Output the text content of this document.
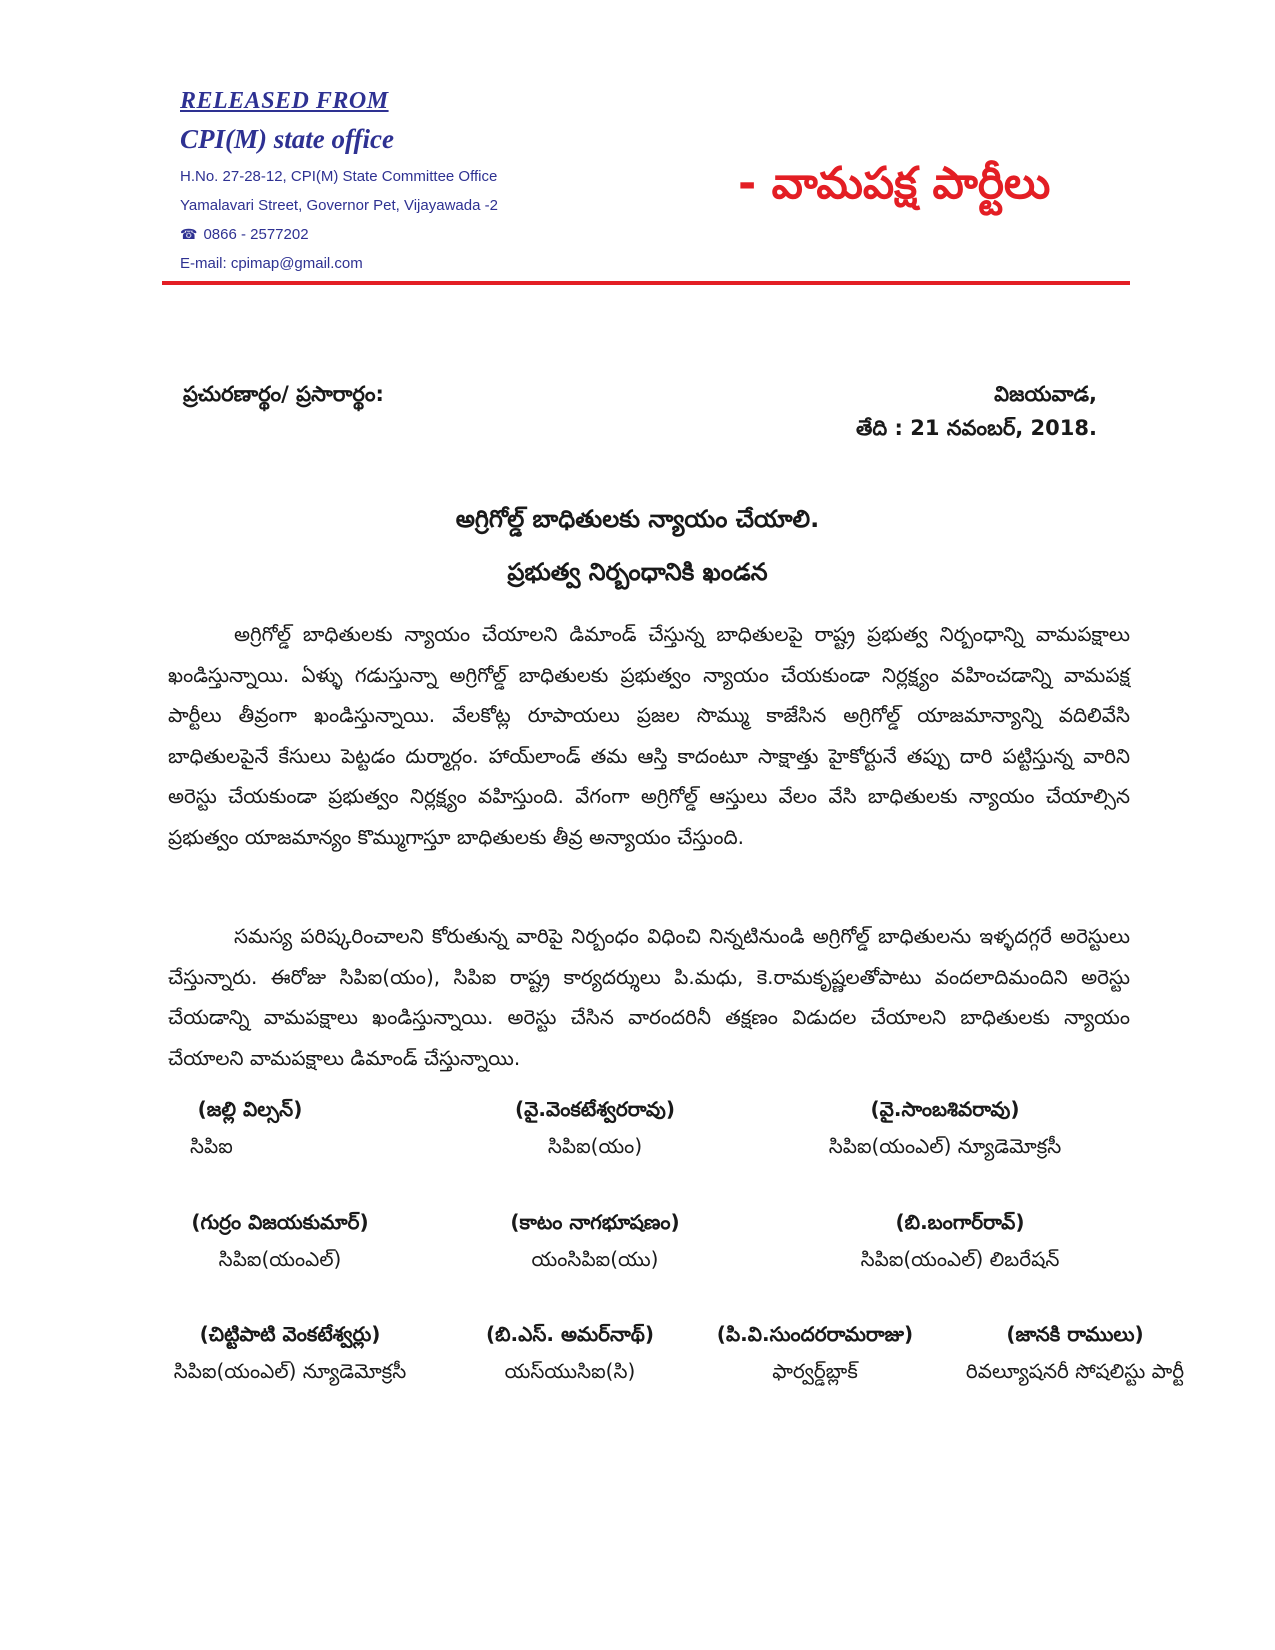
RELEASED FROM
CPI(M) state office
H.No. 27-28-12, CPI(M) State Committee Office
Yamalavari Street, Governor Pet, Vijayawada -2
☎ 0866 - 2577202
E-mail: cpimap@gmail.com
- వామపక్ష పార్టీలు
ప్రచురణార్థం/ ప్రసారార్థం:	విజయవాడ,
తేది : 21 నవంబర్, 2018.
అగ్రిగోల్డ్ బాధితులకు న్యాయం చేయాలి.
ప్రభుత్వ నిర్బంధానికి ఖండన
అగ్రిగోల్డ్ బాధితులకు న్యాయం చేయాలని డిమాండ్ చేస్తున్న బాధితులపై రాష్ట్ర ప్రభుత్వ నిర్బంధాన్ని వామపక్షాలు ఖండిస్తున్నాయి. ఏళ్ళు గడుస్తున్నా అగ్రిగోల్డ్ బాధితులకు ప్రభుత్వం న్యాయం చేయకుండా నిర్లక్ష్యం వహించడాన్ని వామపక్ష పార్టీలు తీవ్రంగా ఖండిస్తున్నాయి. వేలకోట్ల రూపాయలు ప్రజల సొమ్ము కాజేసిన అగ్రిగోల్డ్ యాజమాన్యాన్ని వదిలివేసి బాధితులపైనే కేసులు పెట్టడం దుర్మార్గం. హాయ్‌లాండ్ తమ ఆస్తి కాదంటూ సాక్షాత్తు హైకోర్టునే తప్పు దారి పట్టిస్తున్న వారిని అరెస్టు చేయకుండా ప్రభుత్వం నిర్లక్ష్యం వహిస్తుంది. వేగంగా అగ్రిగోల్డ్ ఆస్తులు వేలం వేసి బాధితులకు న్యాయం చేయాల్సిన ప్రభుత్వం యాజమాన్యం కొమ్ముగాస్తూ బాధితులకు తీవ్ర అన్యాయం చేస్తుంది.
సమస్య పరిష్కరించాలని కోరుతున్న వారిపై నిర్బంధం విధించి నిన్నటినుండి అగ్రిగోల్డ్ బాధితులను ఇళ్ళదగ్గరే అరెస్టులు చేస్తున్నారు. ఈరోజు సిపిఐ(యం), సిపిఐ రాష్ట్ర కార్యదర్శులు పి.మధు, కె.రామకృష్ణలతోపాటు వందలాదిమందిని అరెస్టు చేయడాన్ని వామపక్షాలు ఖండిస్తున్నాయి. అరెస్టు చేసిన వారందరినీ తక్షణం విడుదల చేయాలని బాధితులకు న్యాయం చేయాలని వామపక్షాలు డిమాండ్ చేస్తున్నాయి.
(జల్లి విల్సన్)
సిపిఐ
(వై.వెంకటేశ్వరరావు)
సిపిఐ(యం)
(వై.సాంబశివరావు)
సిపిఐ(యంఎల్) న్యూడెమోక్రసీ
(గుర్రం విజయకుమార్)
సిపిఐ(యంఎల్)
(కాటం నాగభూషణం)
యంసిపిఐ(యు)
(బి.బంగార్‌రావ్)
సిపిఐ(యంఎల్) లిబరేషన్
(చిట్టిపాటి వెంకటేశ్వర్లు)
సిపిఐ(యంఎల్) న్యూడెమోక్రసీ
(బి.ఎస్. అమర్‌నాథ్)
యస్‌యుసిఐ(సి)
(పి.వి.సుందరరామరాజు)
ఫార్వర్డ్‌బ్లాక్
(జానకి రాములు)
రివల్యూషనరీ సోషలిస్టు పార్టీ
